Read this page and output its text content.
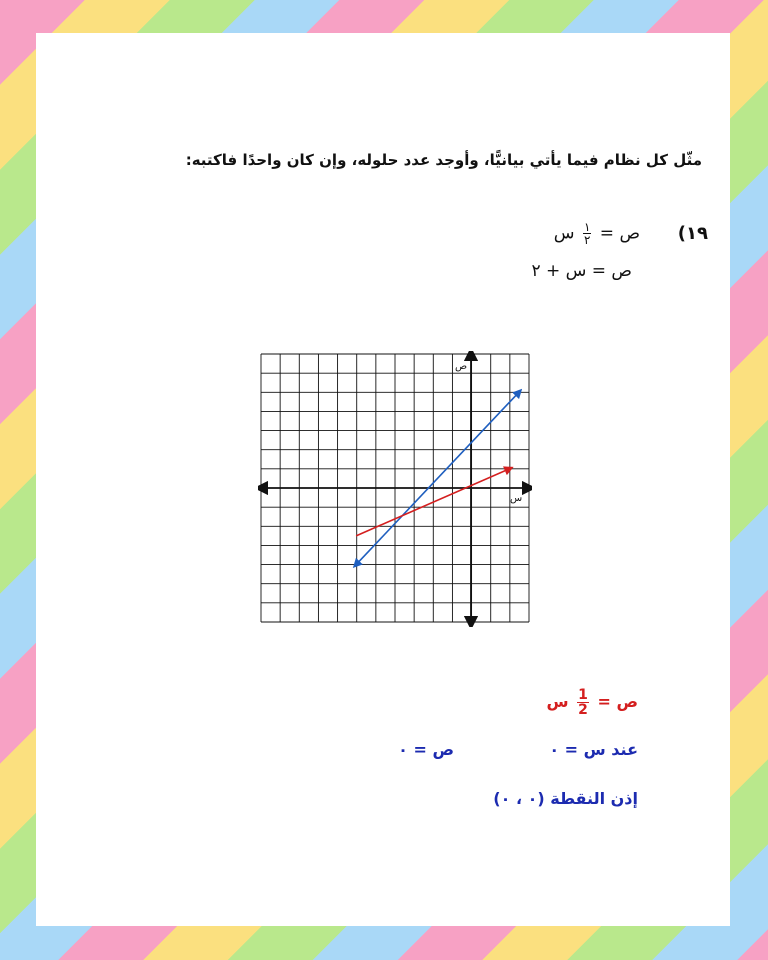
مثّل كل نظام فيما يأتي بيانيًّا، وأوجد عدد حلوله، وإن كان واحدًا فاكتبه:
١٩)
ص =
$\frac{١}{٢}$
س
ص = س + ٢
ص
س
ص =
$\frac{1}{2}$
س
عند س = ٠
ص = ٠
إذن النقطة (٠ ، ٠)
